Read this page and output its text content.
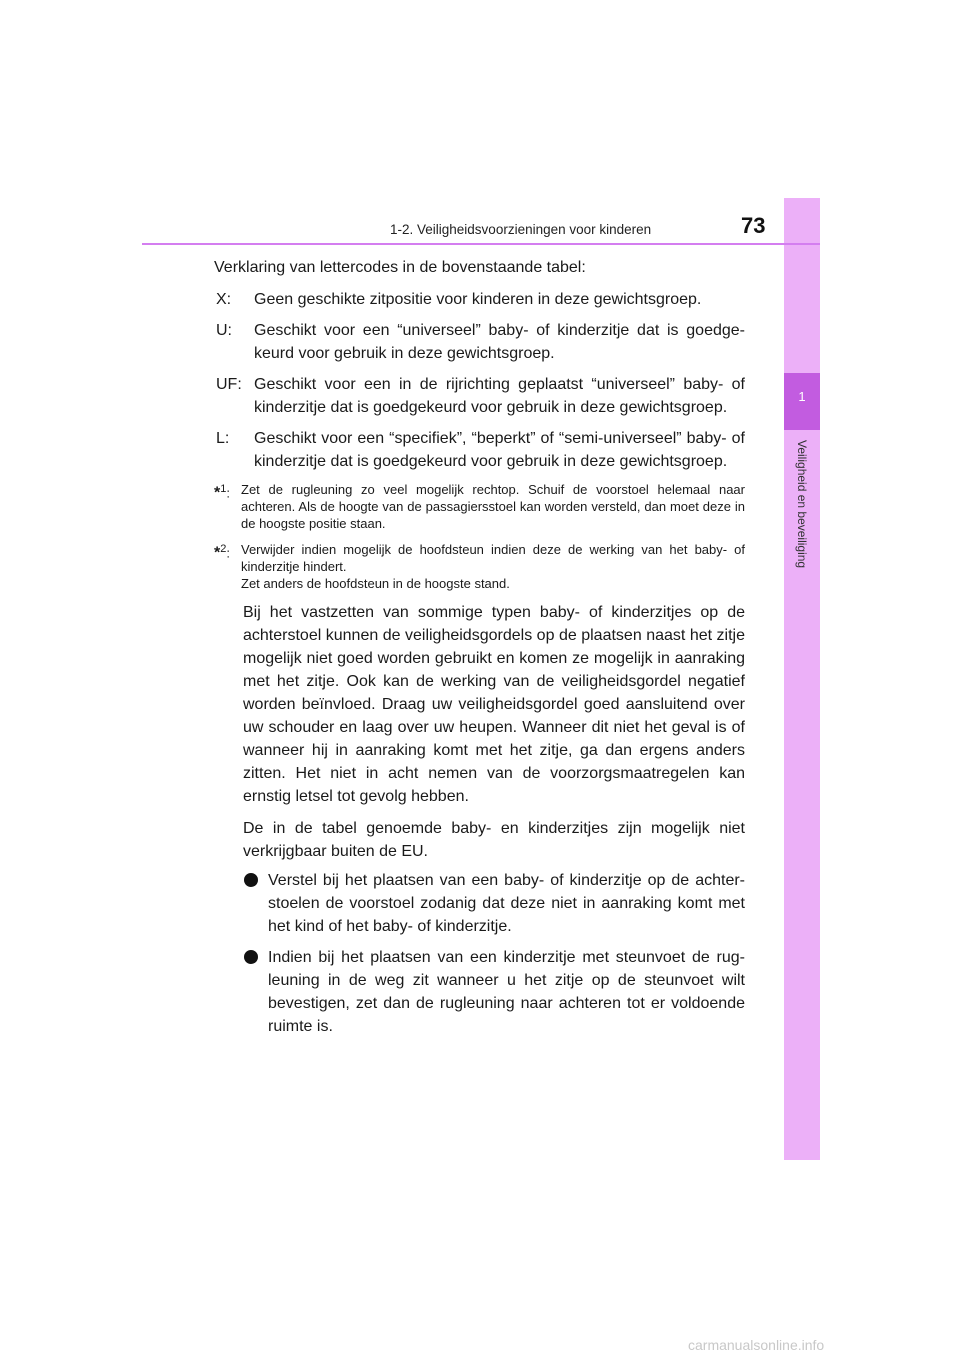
1
Veiligheid en beveiliging
1-2. Veiligheidsvoorzieningen voor kinderen	73

Verklaring van lettercodes in de bovenstaande tabel:

X:	Geen geschikte zitpositie voor kinderen in deze gewichtsgroep.
U:	Geschikt voor een “universeel” baby- of kinderzitje dat is goedgekeurd voor gebruik in deze gewichtsgroep.
UF: Geschikt voor een in de rijrichting geplaatst “universeel” baby- of kinderzitje dat is goedgekeurd voor gebruik in deze gewichtsgroep.
L:	Geschikt voor een “specifiek”, “beperkt” of “semi-universeel” baby- of kinderzitje dat is goedgekeurd voor gebruik in deze gewichtsgroep.
*$^1$: Zet de rugleuning zo veel mogelijk rechtop. Schuif de voorstoel helemaal naar achteren. Als de hoogte van de passagiersstoel kan worden versteld, dan moet deze in de hoogste positie staan.
*$^2$: Verwijder indien mogelijk de hoofdsteun indien deze de werking van het baby- of kinderzitje hindert.
Zet anders de hoofdsteun in de hoogste stand.

Bij het vastzetten van sommige typen baby- of kinderzitjes op de achterstoel kunnen de veiligheidsgordels op de plaatsen naast het zitje mogelijk niet goed worden gebruikt en komen ze mogelijk in aanraking met het zitje. Ook kan de werking van de veiligheidsgordel negatief worden beïnvloed. Draag uw veiligheidsgordel goed aansluitend over uw schouder en laag over uw heupen. Wanneer dit niet het geval is of wanneer hij in aanraking komt met het zitje, ga dan ergens anders zitten. Het niet in acht nemen van de voorzorgsmaatregelen kan ernstig letsel tot gevolg hebben.

De in de tabel genoemde baby- en kinderzitjes zijn mogelijk niet verkrijgbaar buiten de EU.

Verstel bij het plaatsen van een baby- of kinderzitje op de achterstoelen de voorstoel zodanig dat deze niet in aanraking komt met het kind of het baby- of kinderzitje.
Indien bij het plaatsen van een kinderzitje met steunvoet de rugleuning in de weg zit wanneer u het zitje op de steunvoet wilt bevestigen, zet dan de rugleuning naar achteren tot er voldoende ruimte is.
carmanualsonline.info
